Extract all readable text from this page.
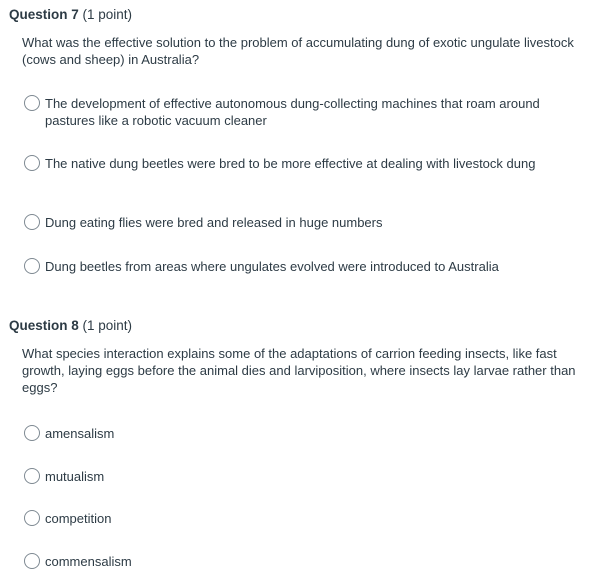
Question 7 (1 point)

What was the effective solution to the problem of accumulating dung of exotic ungulate livestock (cows and sheep) in Australia?

The development of effective autonomous dung-collecting machines that roam around pastures like a robotic vacuum cleaner
The native dung beetles were bred to be more effective at dealing with livestock dung
Dung eating flies were bred and released in huge numbers
Dung beetles from areas where ungulates evolved were introduced to Australia
Question 8 (1 point)

What species interaction explains some of the adaptations of carrion feeding insects, like fast growth, laying eggs before the animal dies and larviposition, where insects lay larvae rather than eggs?

amensalism
mutualism
competition
commensalism
